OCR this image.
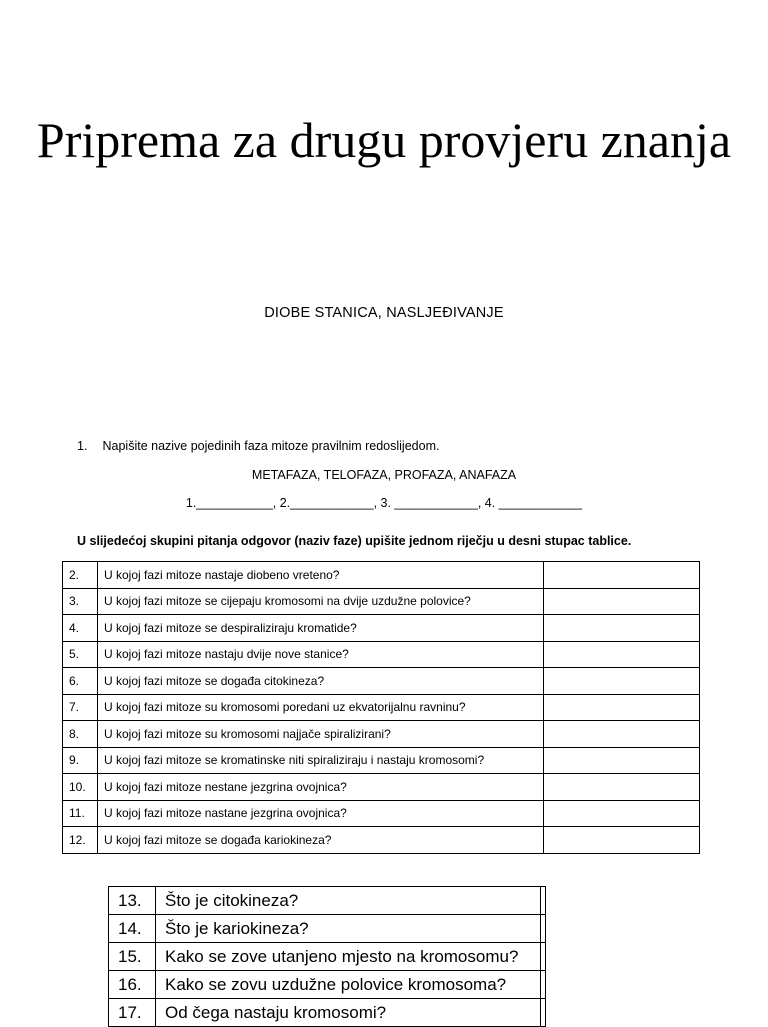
Priprema za drugu provjeru znanja
DIOBE STANICA, NASLJEĐIVANJE
1. Napišite nazive pojedinih faza mitoze pravilnim redoslijedom.
METAFAZA, TELOFAZA, PROFAZA, ANAFAZA
1.___________, 2.____________, 3. ____________, 4. ____________
U slijedećoj skupini pitanja odgovor (naziv faze) upišite jednom riječju u desni stupac tablice.
2.	U kojoj fazi mitoze nastaje diobeno vreteno?	
3.	U kojoj fazi mitoze se cijepaju kromosomi na dvije uzdužne polovice?	
4.	U kojoj fazi mitoze se despiraliziraju kromatide?	
5.	U kojoj fazi mitoze nastaju dvije nove stanice?	
6.	U kojoj fazi mitoze se događa citokineza?	
7.	U kojoj fazi mitoze su kromosomi poredani uz ekvatorijalnu ravninu?	
8.	U kojoj fazi mitoze su kromosomi najjače spiralizirani?	
9.	U kojoj fazi mitoze se kromatinske niti spiraliziraju i nastaju kromosomi?	
10.	U kojoj fazi mitoze nestane jezgrina ovojnica?	
11.	U kojoj fazi mitoze nastane jezgrina ovojnica?	
12.	U kojoj fazi mitoze se događa kariokineza?	
13.	Što je citokineza?	
14.	Što je kariokineza?	
15.	Kako se zove utanjeno mjesto na kromosomu?	
16.	Kako se zovu uzdužne polovice kromosoma?	
17.	Od čega nastaju kromosomi?	
